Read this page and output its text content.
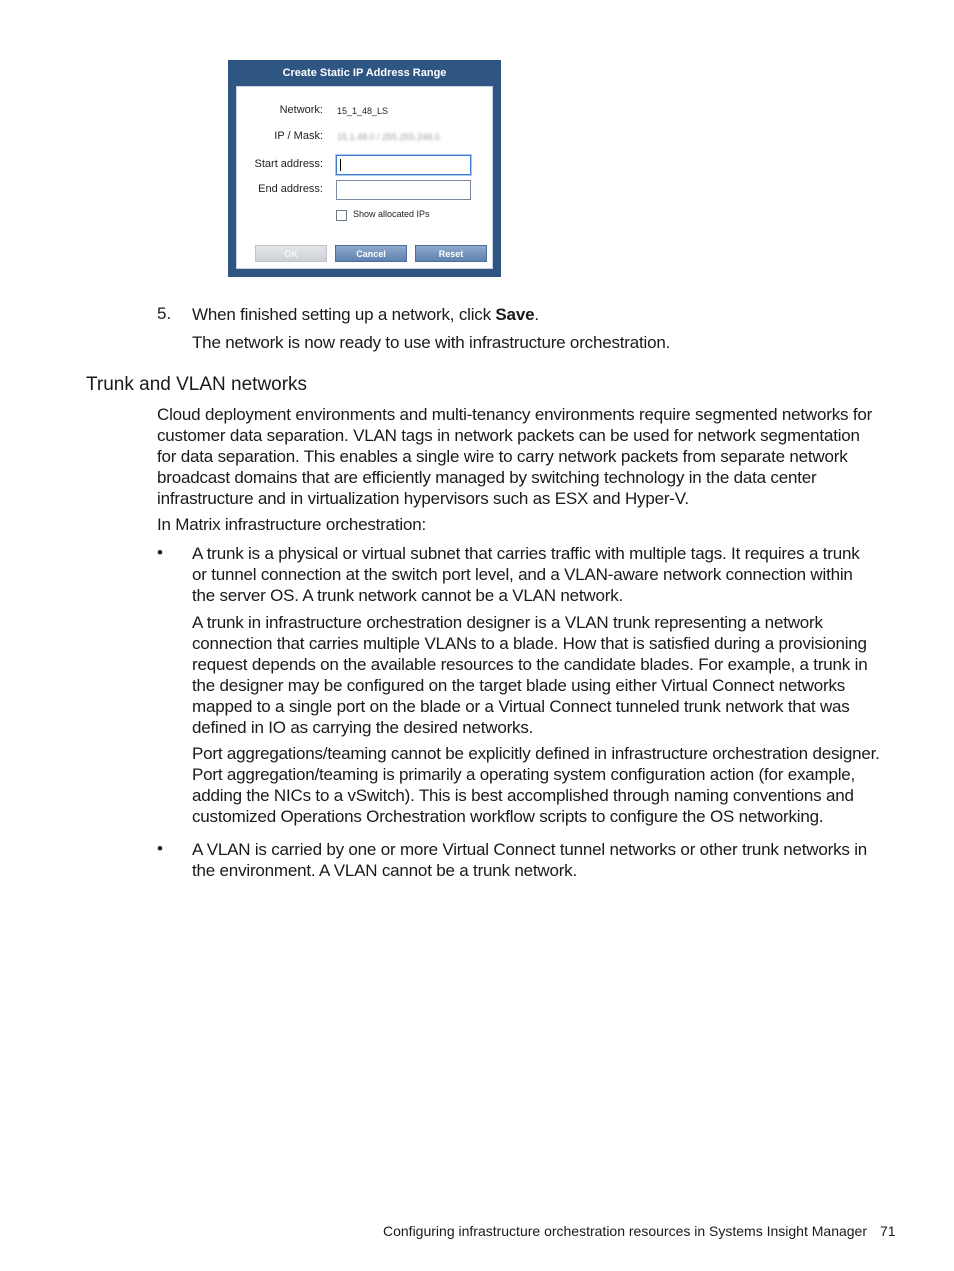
Create Static IP Address Range
Network: 15_1_48_LS
IP / Mask: 15.1.48.0 / 255.255.248.0
Start address:
End address:
Show allocated IPs
OK	Cancel	Reset
5. When finished setting up a network, click Save.
The network is now ready to use with infrastructure orchestration.
Trunk and VLAN networks
Cloud deployment environments and multi-tenancy environments require segmented networks for
customer data separation. VLAN tags in network packets can be used for network segmentation
for data separation. This enables a single wire to carry network packets from separate network
broadcast domains that are efficiently managed by switching technology in the data center
infrastructure and in virtualization hypervisors such as ESX and Hyper-V.
In Matrix infrastructure orchestration:
• A trunk is a physical or virtual subnet that carries traffic with multiple tags. It requires a trunk
or tunnel connection at the switch port level, and a VLAN-aware network connection within
the server OS. A trunk network cannot be a VLAN network.
A trunk in infrastructure orchestration designer is a VLAN trunk representing a network
connection that carries multiple VLANs to a blade. How that is satisfied during a provisioning
request depends on the available resources to the candidate blades. For example, a trunk in
the designer may be configured on the target blade using either Virtual Connect networks
mapped to a single port on the blade or a Virtual Connect tunneled trunk network that was
defined in IO as carrying the desired networks.
Port aggregations/teaming cannot be explicitly defined in infrastructure orchestration designer.
Port aggregation/teaming is primarily a operating system configuration action (for example,
adding the NICs to a vSwitch). This is best accomplished through naming conventions and
customized Operations Orchestration workflow scripts to configure the OS networking.
• A VLAN is carried by one or more Virtual Connect tunnel networks or other trunk networks in
the environment. A VLAN cannot be a trunk network.
Configuring infrastructure orchestration resources in Systems Insight Manager 71
